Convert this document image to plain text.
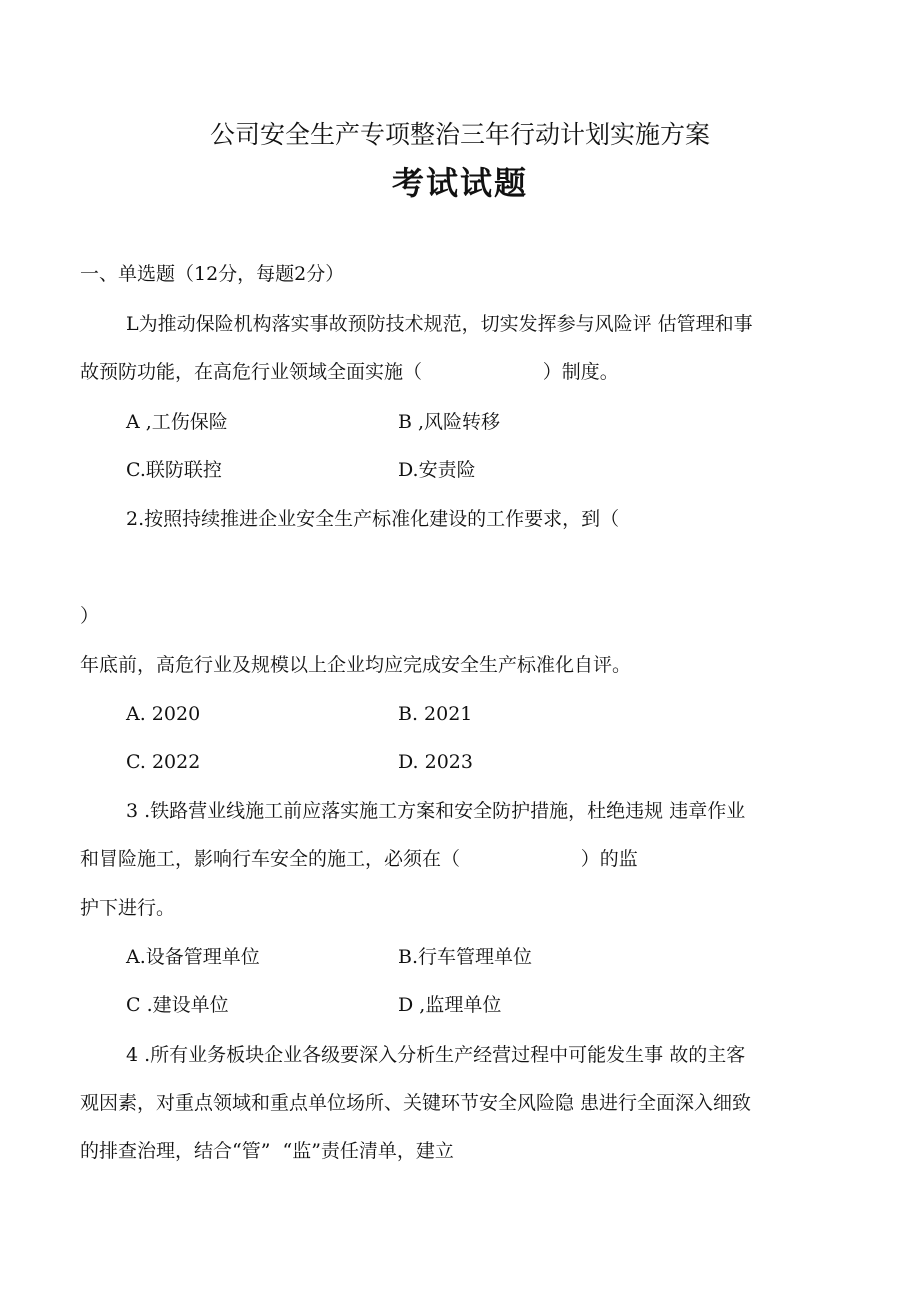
公司安全生产专项整治三年行动计划实施方案
考试试题
一、单选题（12分，每题2分）
L为推动保险机构落实事故预防技术规范，切实发挥参与风险评 估管理和事
故预防功能，在高危行业领域全面实施（                    ）制度。
A ,工伤保险	B ,风险转移
C.联防联控	D.安责险
2.按照持续推进企业安全生产标准化建设的工作要求，到（
）
年底前，高危行业及规模以上企业均应完成安全生产标准化自评。
A. 2020	B. 2021
C. 2022	D. 2023
3 .铁路营业线施工前应落实施工方案和安全防护措施，杜绝违规 违章作业
和冒险施工，影响行车安全的施工，必须在（                    ）的监
护下进行。
A.设备管理单位	B.行车管理单位
C .建设单位	D ,监理单位
4 .所有业务板块企业各级要深入分析生产经营过程中可能发生事 故的主客
观因素，对重点领域和重点单位场所、关键环节安全风险隐 患进行全面深入细致
的排查治理，结合“管”  “监”责任清单，建立
